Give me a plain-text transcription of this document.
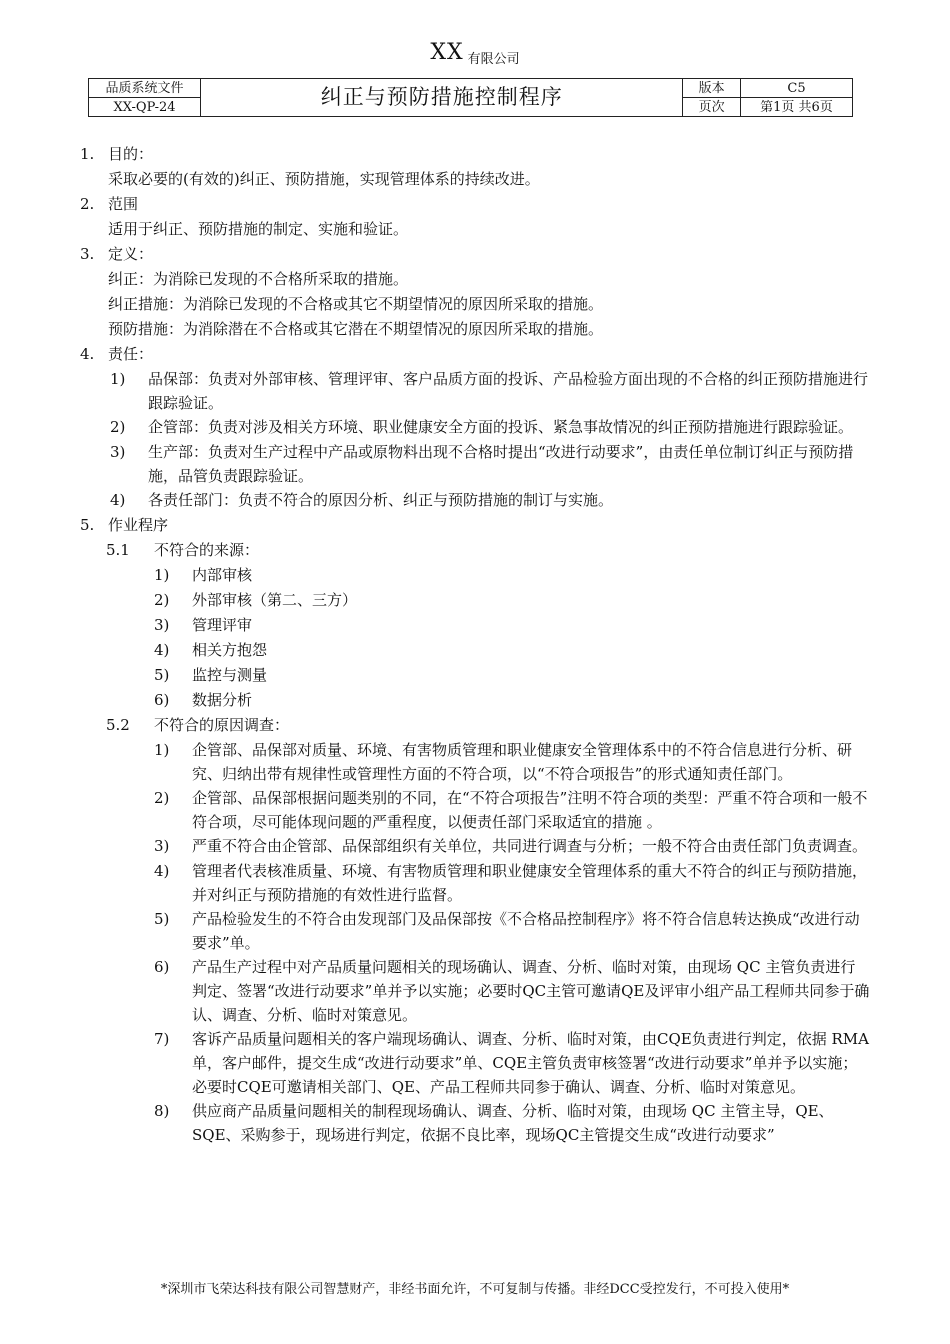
XX $_{有限公司}$
品质系统文件	纠正与预防措施控制程序	版本	C5
XX-QP-24		页次	第1页 共6页
1. 目的：
采取必要的(有效的)纠正、预防措施，实现管理体系的持续改进。
2. 范围
适用于纠正、预防措施的制定、实施和验证。
3. 定义：
纠正：为消除已发现的不合格所采取的措施。
纠正措施：为消除已发现的不合格或其它不期望情况的原因所采取的措施。
预防措施：为消除潜在不合格或其它潜在不期望情况的原因所采取的措施。
4. 责任：
1)	品保部：负责对外部审核、管理评审、客户品质方面的投诉、产品检验方面出现的不合格的纠正预防措施进行跟踪验证。
2)	企管部：负责对涉及相关方环境、职业健康安全方面的投诉、紧急事故情况的纠正预防措施进行跟踪验证。
3)	生产部：负责对生产过程中产品或原物料出现不合格时提出“改进行动要求”，由责任单位制订纠正与预防措施，品管负责跟踪验证。
4)	各责任部门：负责不符合的原因分析、纠正与预防措施的制订与实施。
5. 作业程序
5.1	不符合的来源：
1)	内部审核
2)	外部审核（第二、三方）
3)	管理评审
4)	相关方抱怨
5)	监控与测量
6)	数据分析
5.2	不符合的原因调查：
1)	企管部、品保部对质量、环境、有害物质管理和职业健康安全管理体系中的不符合信息进行分析、研究、归纳出带有规律性或管理性方面的不符合项，以“不符合项报告”的形式通知责任部门。
2)	企管部、品保部根据问题类别的不同，在“不符合项报告”注明不符合项的类型：严重不符合项和一般不符合项，尽可能体现问题的严重程度，以便责任部门采取适宜的措施 。
3)	严重不符合由企管部、品保部组织有关单位，共同进行调查与分析；一般不符合由责任部门负责调查。
4)	管理者代表核准质量、环境、有害物质管理和职业健康安全管理体系的重大不符合的纠正与预防措施，并对纠正与预防措施的有效性进行监督。
5)	产品检验发生的不符合由发现部门及品保部按《不合格品控制程序》将不符合信息转达换成“改进行动要求”单。
6)	产品生产过程中对产品质量问题相关的现场确认、调查、分析、临时对策，由现场 QC 主管负责进行判定、签署“改进行动要求”单并予以实施；必要时QC主管可邀请QE及评审小组产品工程师共同参于确认、调查、分析、临时对策意见。
7)	客诉产品质量问题相关的客户端现场确认、调查、分析、临时对策，由CQE负责进行判定，依据 RMA 单，客户邮件，提交生成“改进行动要求”单、CQE主管负责审核签署“改进行动要求”单并予以实施；必要时CQE可邀请相关部门、QE、产品工程师共同参于确认、调查、分析、临时对策意见。
8)	供应商产品质量问题相关的制程现场确认、调查、分析、临时对策，由现场 QC 主管主导，QE、SQE、采购参于，现场进行判定，依据不良比率，现场QC主管提交生成“改进行动要求”
*深圳市飞荣达科技有限公司智慧财产，非经书面允许，不可复制与传播。非经DCC受控发行，不可投入使用*
